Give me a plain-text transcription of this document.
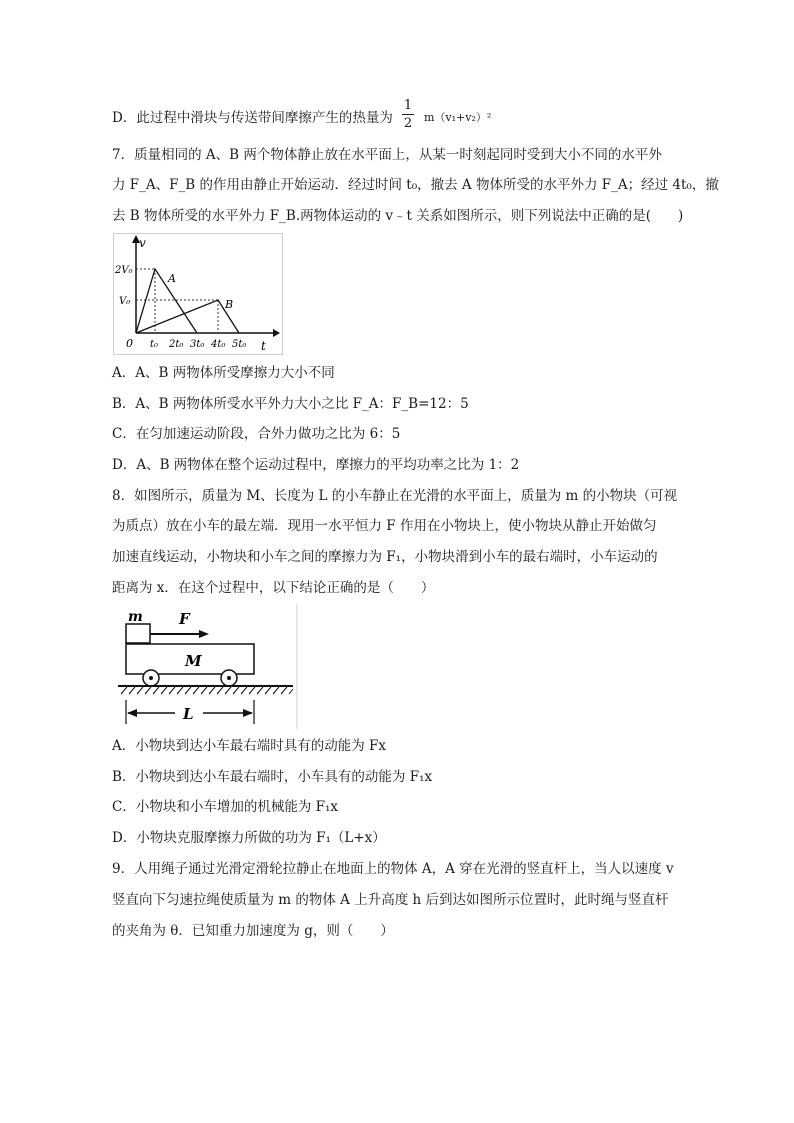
D．此过程中滑块与传送带间摩擦产生的热量为
1
2 m（v₁+v₂）²
7．质量相同的 A、B 两个物体静止放在水平面上，从某一时刻起同时受到大小不同的水平外
力 F_A、F_B 的作用由静止开始运动．经过时间 t₀，撤去 A 物体所受的水平外力 F_A；经过 4t₀，撤
去 B 物体所受的水平外力 F_B.两物体运动的 v﹣t 关系如图所示，则下列说法中正确的是(　　)
v
t
0
2V₀
V₀
t₀ 2t₀ 3t₀ 4t₀ 5t₀
A
B
A．A、B 两物体所受摩擦力大小不同
B．A、B 两物体所受水平外力大小之比 F_A：F_B=12：5
C．在匀加速运动阶段，合外力做功之比为 6：5
D．A、B 两物体在整个运动过程中，摩擦力的平均功率之比为 1：2
8．如图所示，质量为 M、长度为 L 的小车静止在光滑的水平面上，质量为 m 的小物块（可视
为质点）放在小车的最左端．现用一水平恒力 F 作用在小物块上，使小物块从静止开始做匀
加速直线运动，小物块和小车之间的摩擦力为 F₁，小物块滑到小车的最右端时，小车运动的
距离为 x．在这个过程中，以下结论正确的是（　　）
m F
M
L
A．小物块到达小车最右端时具有的动能为 Fx
B．小物块到达小车最右端时，小车具有的动能为 F₁x
C．小物块和小车增加的机械能为 F₁x
D．小物块克服摩擦力所做的功为 F₁（L+x）
9．人用绳子通过光滑定滑轮拉静止在地面上的物体 A，A 穿在光滑的竖直杆上，当人以速度 v
竖直向下匀速拉绳使质量为 m 的物体 A 上升高度 h 后到达如图所示位置时，此时绳与竖直杆
的夹角为 θ．已知重力加速度为 g，则（　　）
